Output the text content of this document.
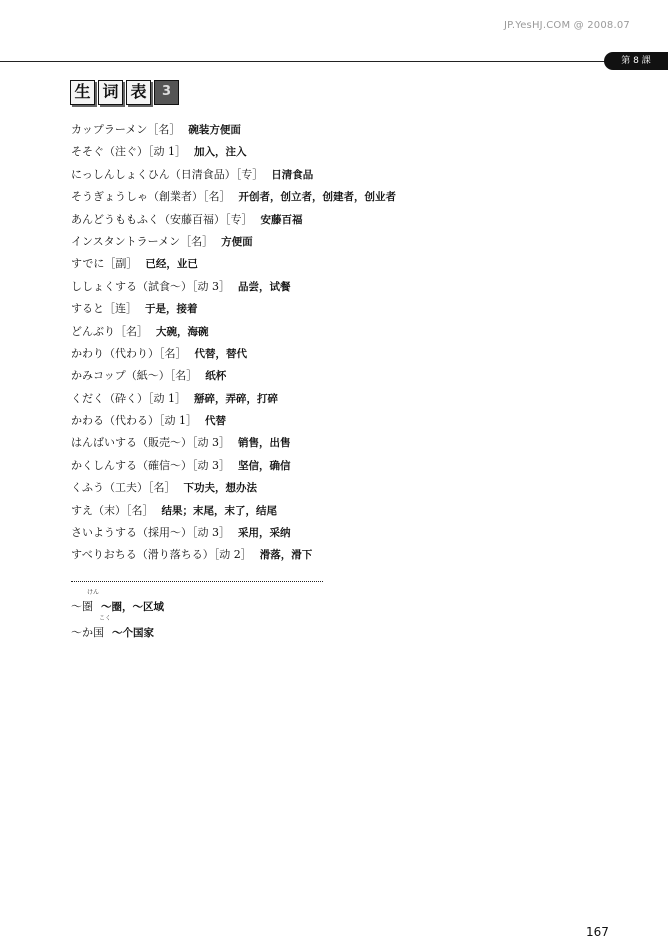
JP.YesHJ.COM @ 2008.07
第 8 課
生 词 表	3
カップラーメン［名］ 碗装方便面
そそぐ（注ぐ）［动 1］ 加入，注入
にっしんしょくひん（日清食品）［专］ 日清食品
そうぎょうしゃ（創業者）［名］ 开创者，创立者，创建者，创业者
あんどうももふく（安藤百福）［专］ 安藤百福
インスタントラーメン［名］ 方便面
すでに［副］ 已经，业已
ししょくする（試食～）［动 3］ 品尝，试餐
すると［连］ 于是，接着
どんぶり［名］ 大碗，海碗
かわり（代わり）［名］ 代替，替代
かみコップ（紙～）［名］ 纸杯
くだく（砕く）［动 1］ 掰碎，弄碎，打碎
かわる（代わる）［动 1］ 代替
はんばいする（販売～）［动 3］ 销售，出售
かくしんする（確信～）［动 3］ 坚信，确信
くふう（工夫）［名］ 下功夫，想办法
すえ（末）［名］ 结果；末尾，末了，结尾
さいようする（採用～）［动 3］ 采用，采纳
すべりおちる（滑り落ちる）［动 2］ 滑落，滑下
けん
～圏 ～圈，～区域
こく
～か国 ～个国家
167
